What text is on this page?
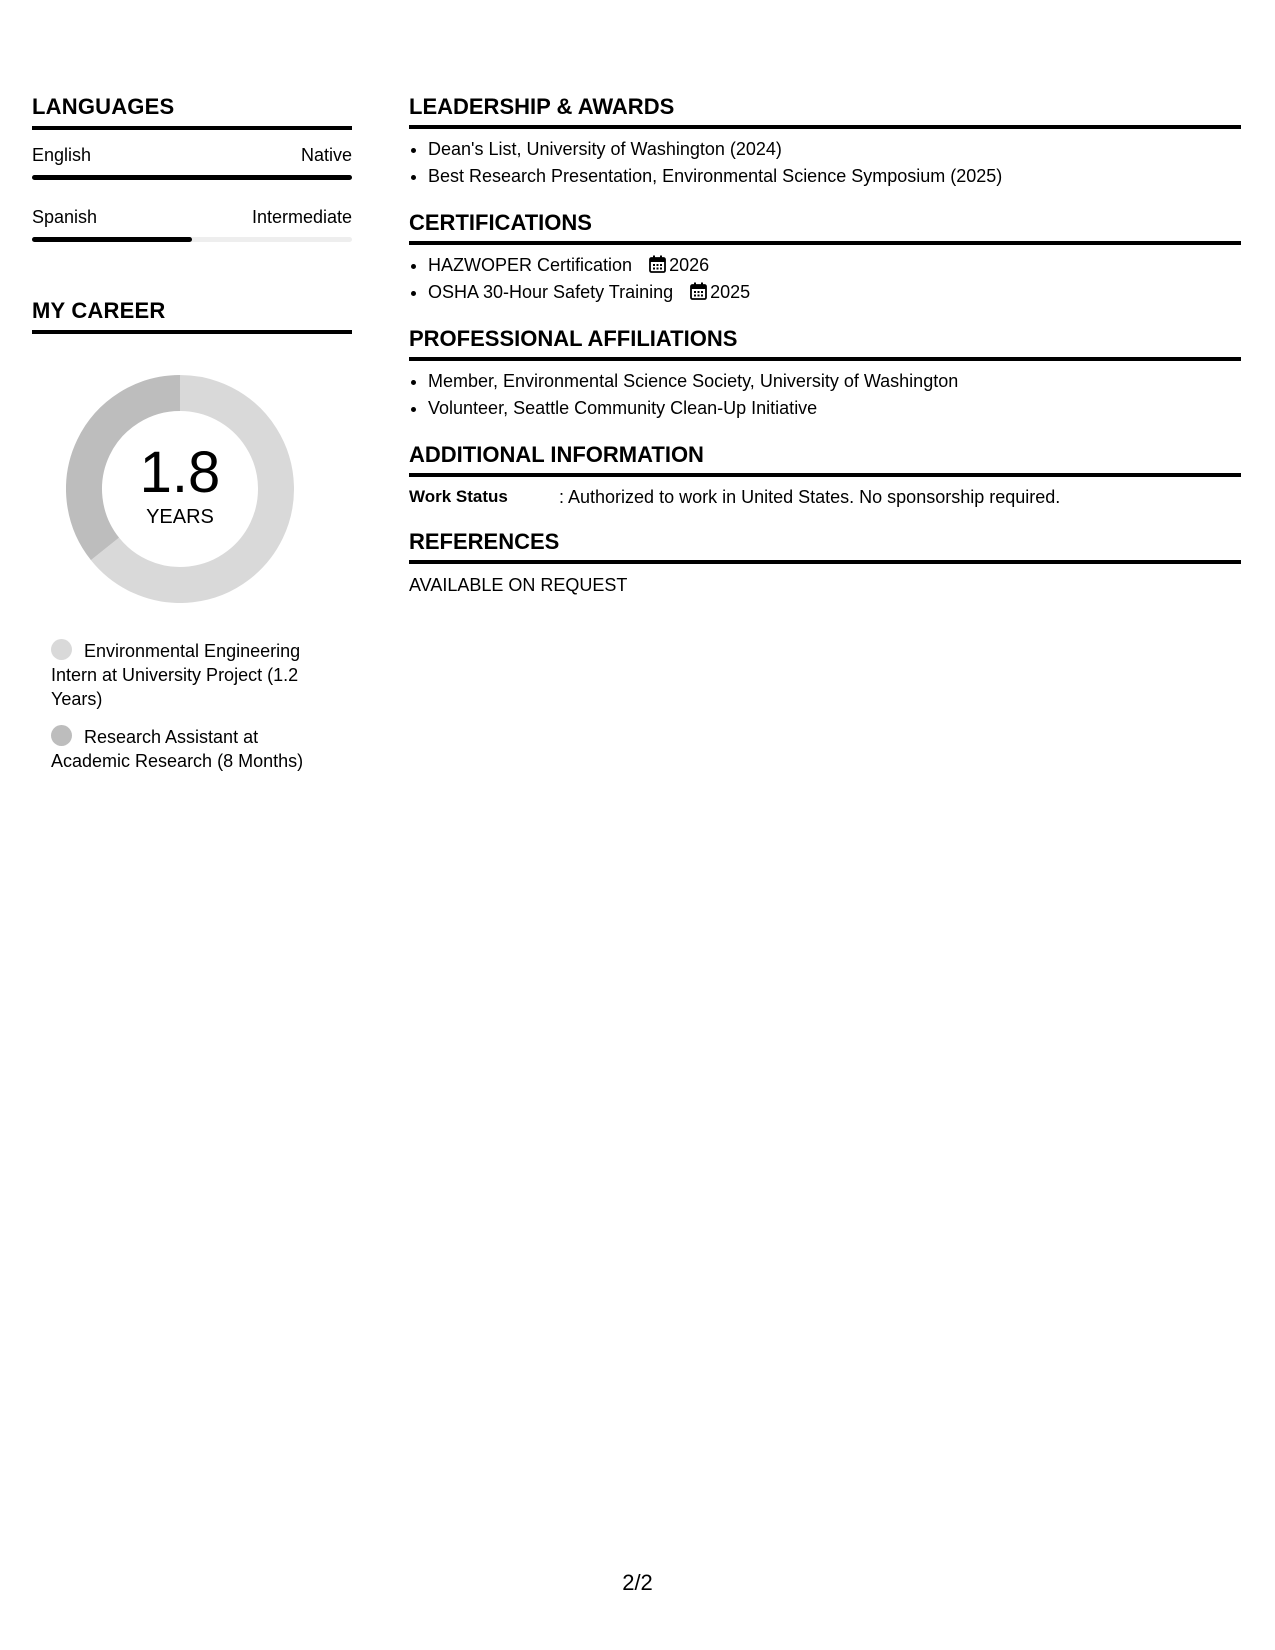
LANGUAGES
English	Native
Spanish	Intermediate
MY CAREER
1.8
YEARS
Environmental Engineering Intern at University Project (1.2 Years)
Research Assistant at Academic Research (8 Months)
LEADERSHIP & AWARDS
• Dean's List, University of Washington (2024)
• Best Research Presentation, Environmental Science Symposium (2025)
CERTIFICATIONS
• HAZWOPER Certification 2026
• OSHA 30-Hour Safety Training 2025
PROFESSIONAL AFFILIATIONS
• Member, Environmental Science Society, University of Washington
• Volunteer, Seattle Community Clean-Up Initiative
ADDITIONAL INFORMATION
Work Status	: Authorized to work in United States. No sponsorship required.
REFERENCES
AVAILABLE ON REQUEST
2/2
